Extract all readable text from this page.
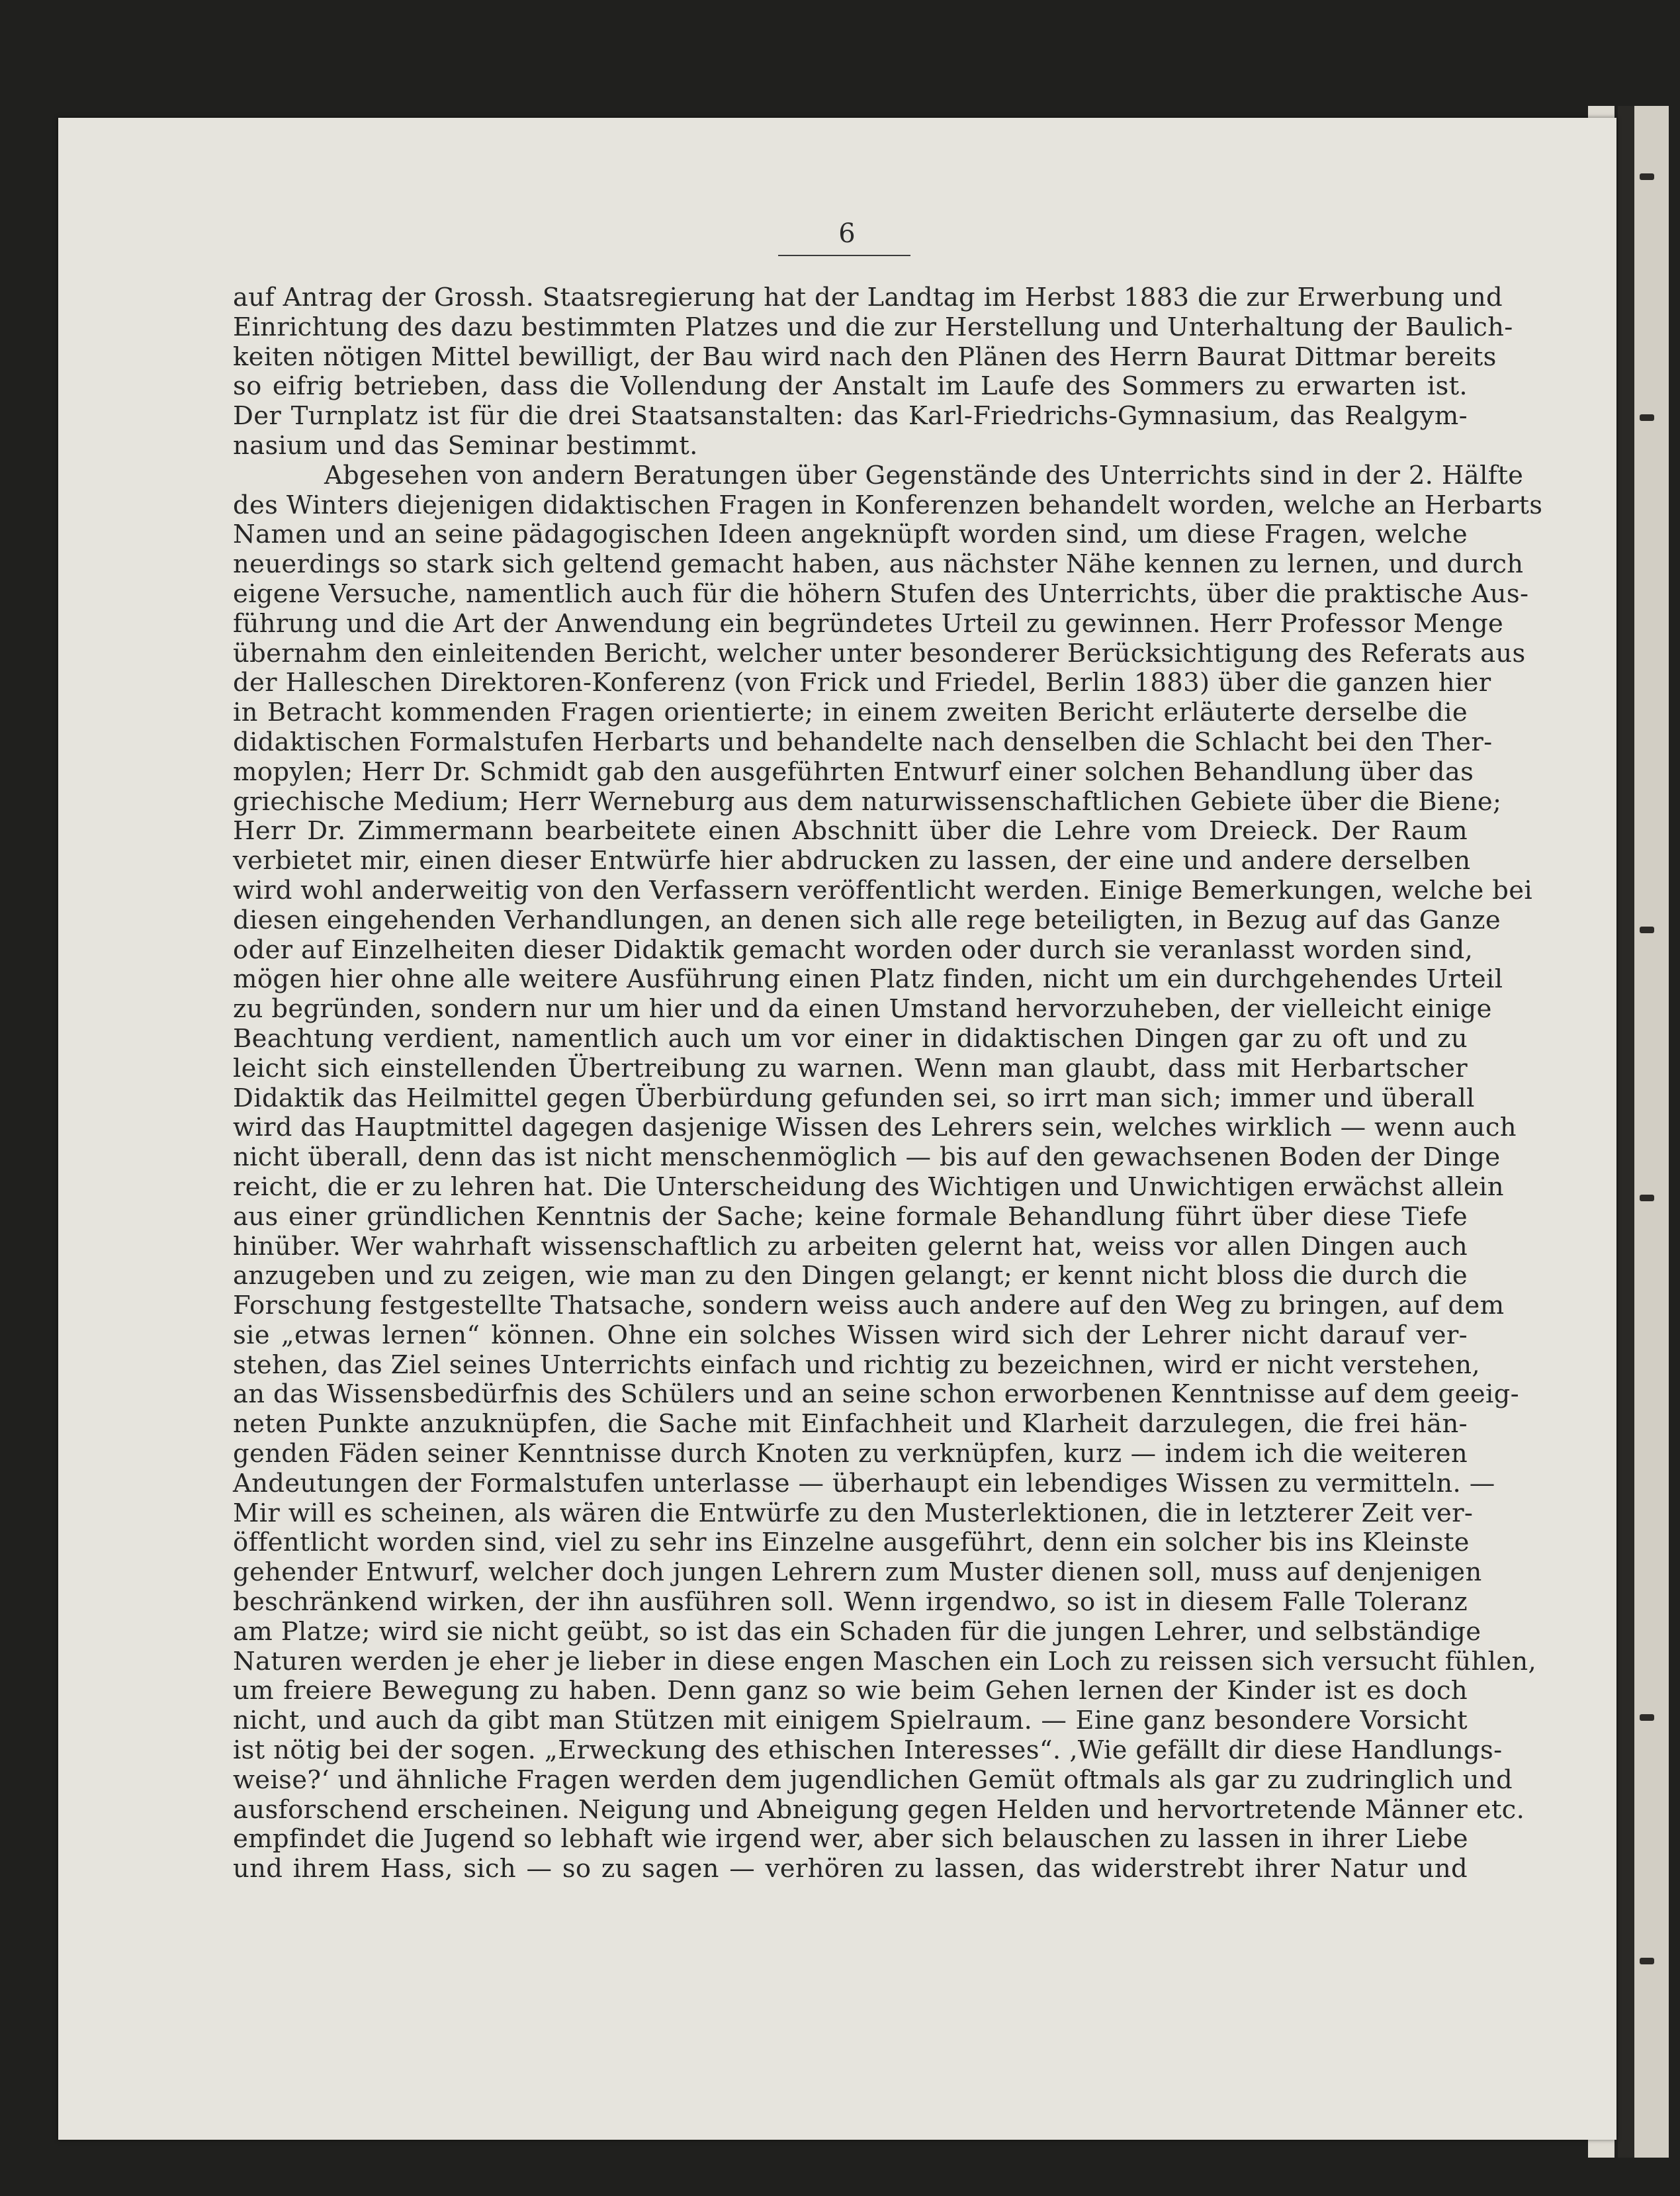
6
auf Antrag der Grossh. Staatsregierung hat der Landtag im Herbst 1883 die zur Erwerbung und
Einrichtung des dazu bestimmten Platzes und die zur Herstellung und Unterhaltung der Baulich-
keiten nötigen Mittel bewilligt, der Bau wird nach den Plänen des Herrn Baurat Dittmar bereits
so eifrig betrieben, dass die Vollendung der Anstalt im Laufe des Sommers zu erwarten ist.
Der Turnplatz ist für die drei Staatsanstalten: das Karl-Friedrichs-Gymnasium, das Realgym-
nasium und das Seminar bestimmt.
Abgesehen von andern Beratungen über Gegenstände des Unterrichts sind in der 2. Hälfte
des Winters diejenigen didaktischen Fragen in Konferenzen behandelt worden, welche an Herbarts
Namen und an seine pädagogischen Ideen angeknüpft worden sind, um diese Fragen, welche
neuerdings so stark sich geltend gemacht haben, aus nächster Nähe kennen zu lernen, und durch
eigene Versuche, namentlich auch für die höhern Stufen des Unterrichts, über die praktische Aus-
führung und die Art der Anwendung ein begründetes Urteil zu gewinnen. Herr Professor Menge
übernahm den einleitenden Bericht, welcher unter besonderer Berücksichtigung des Referats aus
der Halleschen Direktoren-Konferenz (von Frick und Friedel, Berlin 1883) über die ganzen hier
in Betracht kommenden Fragen orientierte; in einem zweiten Bericht erläuterte derselbe die
didaktischen Formalstufen Herbarts und behandelte nach denselben die Schlacht bei den Ther-
mopylen; Herr Dr. Schmidt gab den ausgeführten Entwurf einer solchen Behandlung über das
griechische Medium; Herr Werneburg aus dem naturwissenschaftlichen Gebiete über die Biene;
Herr Dr. Zimmermann bearbeitete einen Abschnitt über die Lehre vom Dreieck. Der Raum
verbietet mir, einen dieser Entwürfe hier abdrucken zu lassen, der eine und andere derselben
wird wohl anderweitig von den Verfassern veröffentlicht werden. Einige Bemerkungen, welche bei
diesen eingehenden Verhandlungen, an denen sich alle rege beteiligten, in Bezug auf das Ganze
oder auf Einzelheiten dieser Didaktik gemacht worden oder durch sie veranlasst worden sind,
mögen hier ohne alle weitere Ausführung einen Platz finden, nicht um ein durchgehendes Urteil
zu begründen, sondern nur um hier und da einen Umstand hervorzuheben, der vielleicht einige
Beachtung verdient, namentlich auch um vor einer in didaktischen Dingen gar zu oft und zu
leicht sich einstellenden Übertreibung zu warnen. Wenn man glaubt, dass mit Herbartscher
Didaktik das Heilmittel gegen Überbürdung gefunden sei, so irrt man sich; immer und überall
wird das Hauptmittel dagegen dasjenige Wissen des Lehrers sein, welches wirklich — wenn auch
nicht überall, denn das ist nicht menschenmöglich — bis auf den gewachsenen Boden der Dinge
reicht, die er zu lehren hat. Die Unterscheidung des Wichtigen und Unwichtigen erwächst allein
aus einer gründlichen Kenntnis der Sache; keine formale Behandlung führt über diese Tiefe
hinüber. Wer wahrhaft wissenschaftlich zu arbeiten gelernt hat, weiss vor allen Dingen auch
anzugeben und zu zeigen, wie man zu den Dingen gelangt; er kennt nicht bloss die durch die
Forschung festgestellte Thatsache, sondern weiss auch andere auf den Weg zu bringen, auf dem
sie „etwas lernen“ können. Ohne ein solches Wissen wird sich der Lehrer nicht darauf ver-
stehen, das Ziel seines Unterrichts einfach und richtig zu bezeichnen, wird er nicht verstehen,
an das Wissensbedürfnis des Schülers und an seine schon erworbenen Kenntnisse auf dem geeig-
neten Punkte anzuknüpfen, die Sache mit Einfachheit und Klarheit darzulegen, die frei hän-
genden Fäden seiner Kenntnisse durch Knoten zu verknüpfen, kurz — indem ich die weiteren
Andeutungen der Formalstufen unterlasse — überhaupt ein lebendiges Wissen zu vermitteln. —
Mir will es scheinen, als wären die Entwürfe zu den Musterlektionen, die in letzterer Zeit ver-
öffentlicht worden sind, viel zu sehr ins Einzelne ausgeführt, denn ein solcher bis ins Kleinste
gehender Entwurf, welcher doch jungen Lehrern zum Muster dienen soll, muss auf denjenigen
beschränkend wirken, der ihn ausführen soll. Wenn irgendwo, so ist in diesem Falle Toleranz
am Platze; wird sie nicht geübt, so ist das ein Schaden für die jungen Lehrer, und selbständige
Naturen werden je eher je lieber in diese engen Maschen ein Loch zu reissen sich versucht fühlen,
um freiere Bewegung zu haben. Denn ganz so wie beim Gehen lernen der Kinder ist es doch
nicht, und auch da gibt man Stützen mit einigem Spielraum. — Eine ganz besondere Vorsicht
ist nötig bei der sogen. „Erweckung des ethischen Interesses“. ‚Wie gefällt dir diese Handlungs-
weise?‘ und ähnliche Fragen werden dem jugendlichen Gemüt oftmals als gar zu zudringlich und
ausforschend erscheinen. Neigung und Abneigung gegen Helden und hervortretende Männer etc.
empfindet die Jugend so lebhaft wie irgend wer, aber sich belauschen zu lassen in ihrer Liebe
und ihrem Hass, sich — so zu sagen — verhören zu lassen, das widerstrebt ihrer Natur und
